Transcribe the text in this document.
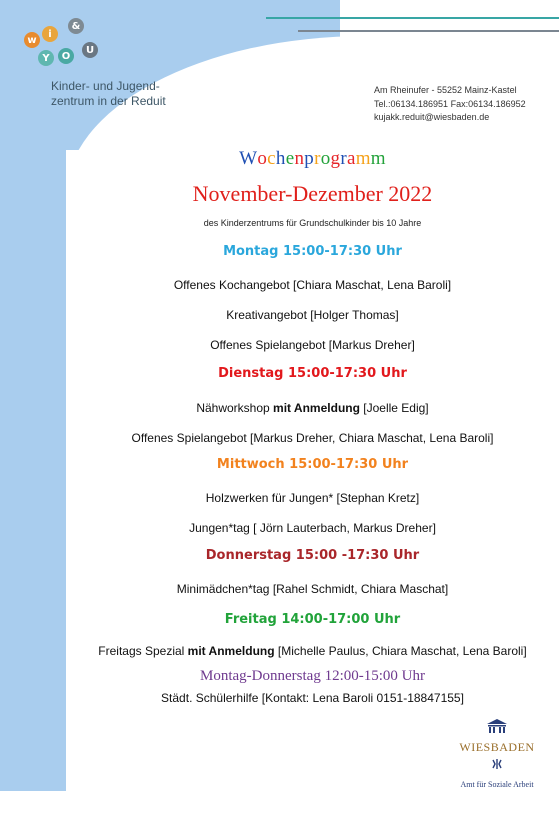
w
i
&
Y	O
U
Kinder- und Jugend-
zentrum in der Reduit
Am Rheinufer - 55252 Mainz-Kastel
Tel.:06134.186951 Fax:06134.186952
kujakk.reduit@wiesbaden.de
Wochenprogramm
November-Dezember 2022
des Kinderzentrums für Grundschulkinder bis 10 Jahre
Montag 15:00-17:30 Uhr
Offenes Kochangebot [Chiara Maschat, Lena Baroli]
Kreativangebot [Holger Thomas]
Offenes Spielangebot [Markus Dreher]
Dienstag 15:00-17:30 Uhr
Nähworkshop mit Anmeldung [Joelle Edig]
Offenes Spielangebot [Markus Dreher, Chiara Maschat, Lena Baroli]
Mittwoch 15:00-17:30 Uhr
Holzwerken für Jungen* [Stephan Kretz]
Jungen*tag [ Jörn Lauterbach, Markus Dreher]
Donnerstag 15:00 -17:30 Uhr
Minimädchen*tag [Rahel Schmidt, Chiara Maschat]
Freitag 14:00-17:00 Uhr
Freitags Spezial mit Anmeldung [Michelle Paulus, Chiara Maschat, Lena Baroli]
Montag-Donnerstag 12:00-15:00 Uhr
Städt. Schülerhilfe [Kontakt: Lena Baroli 0151-18847155]
WIESBADEN
Amt für Soziale Arbeit
